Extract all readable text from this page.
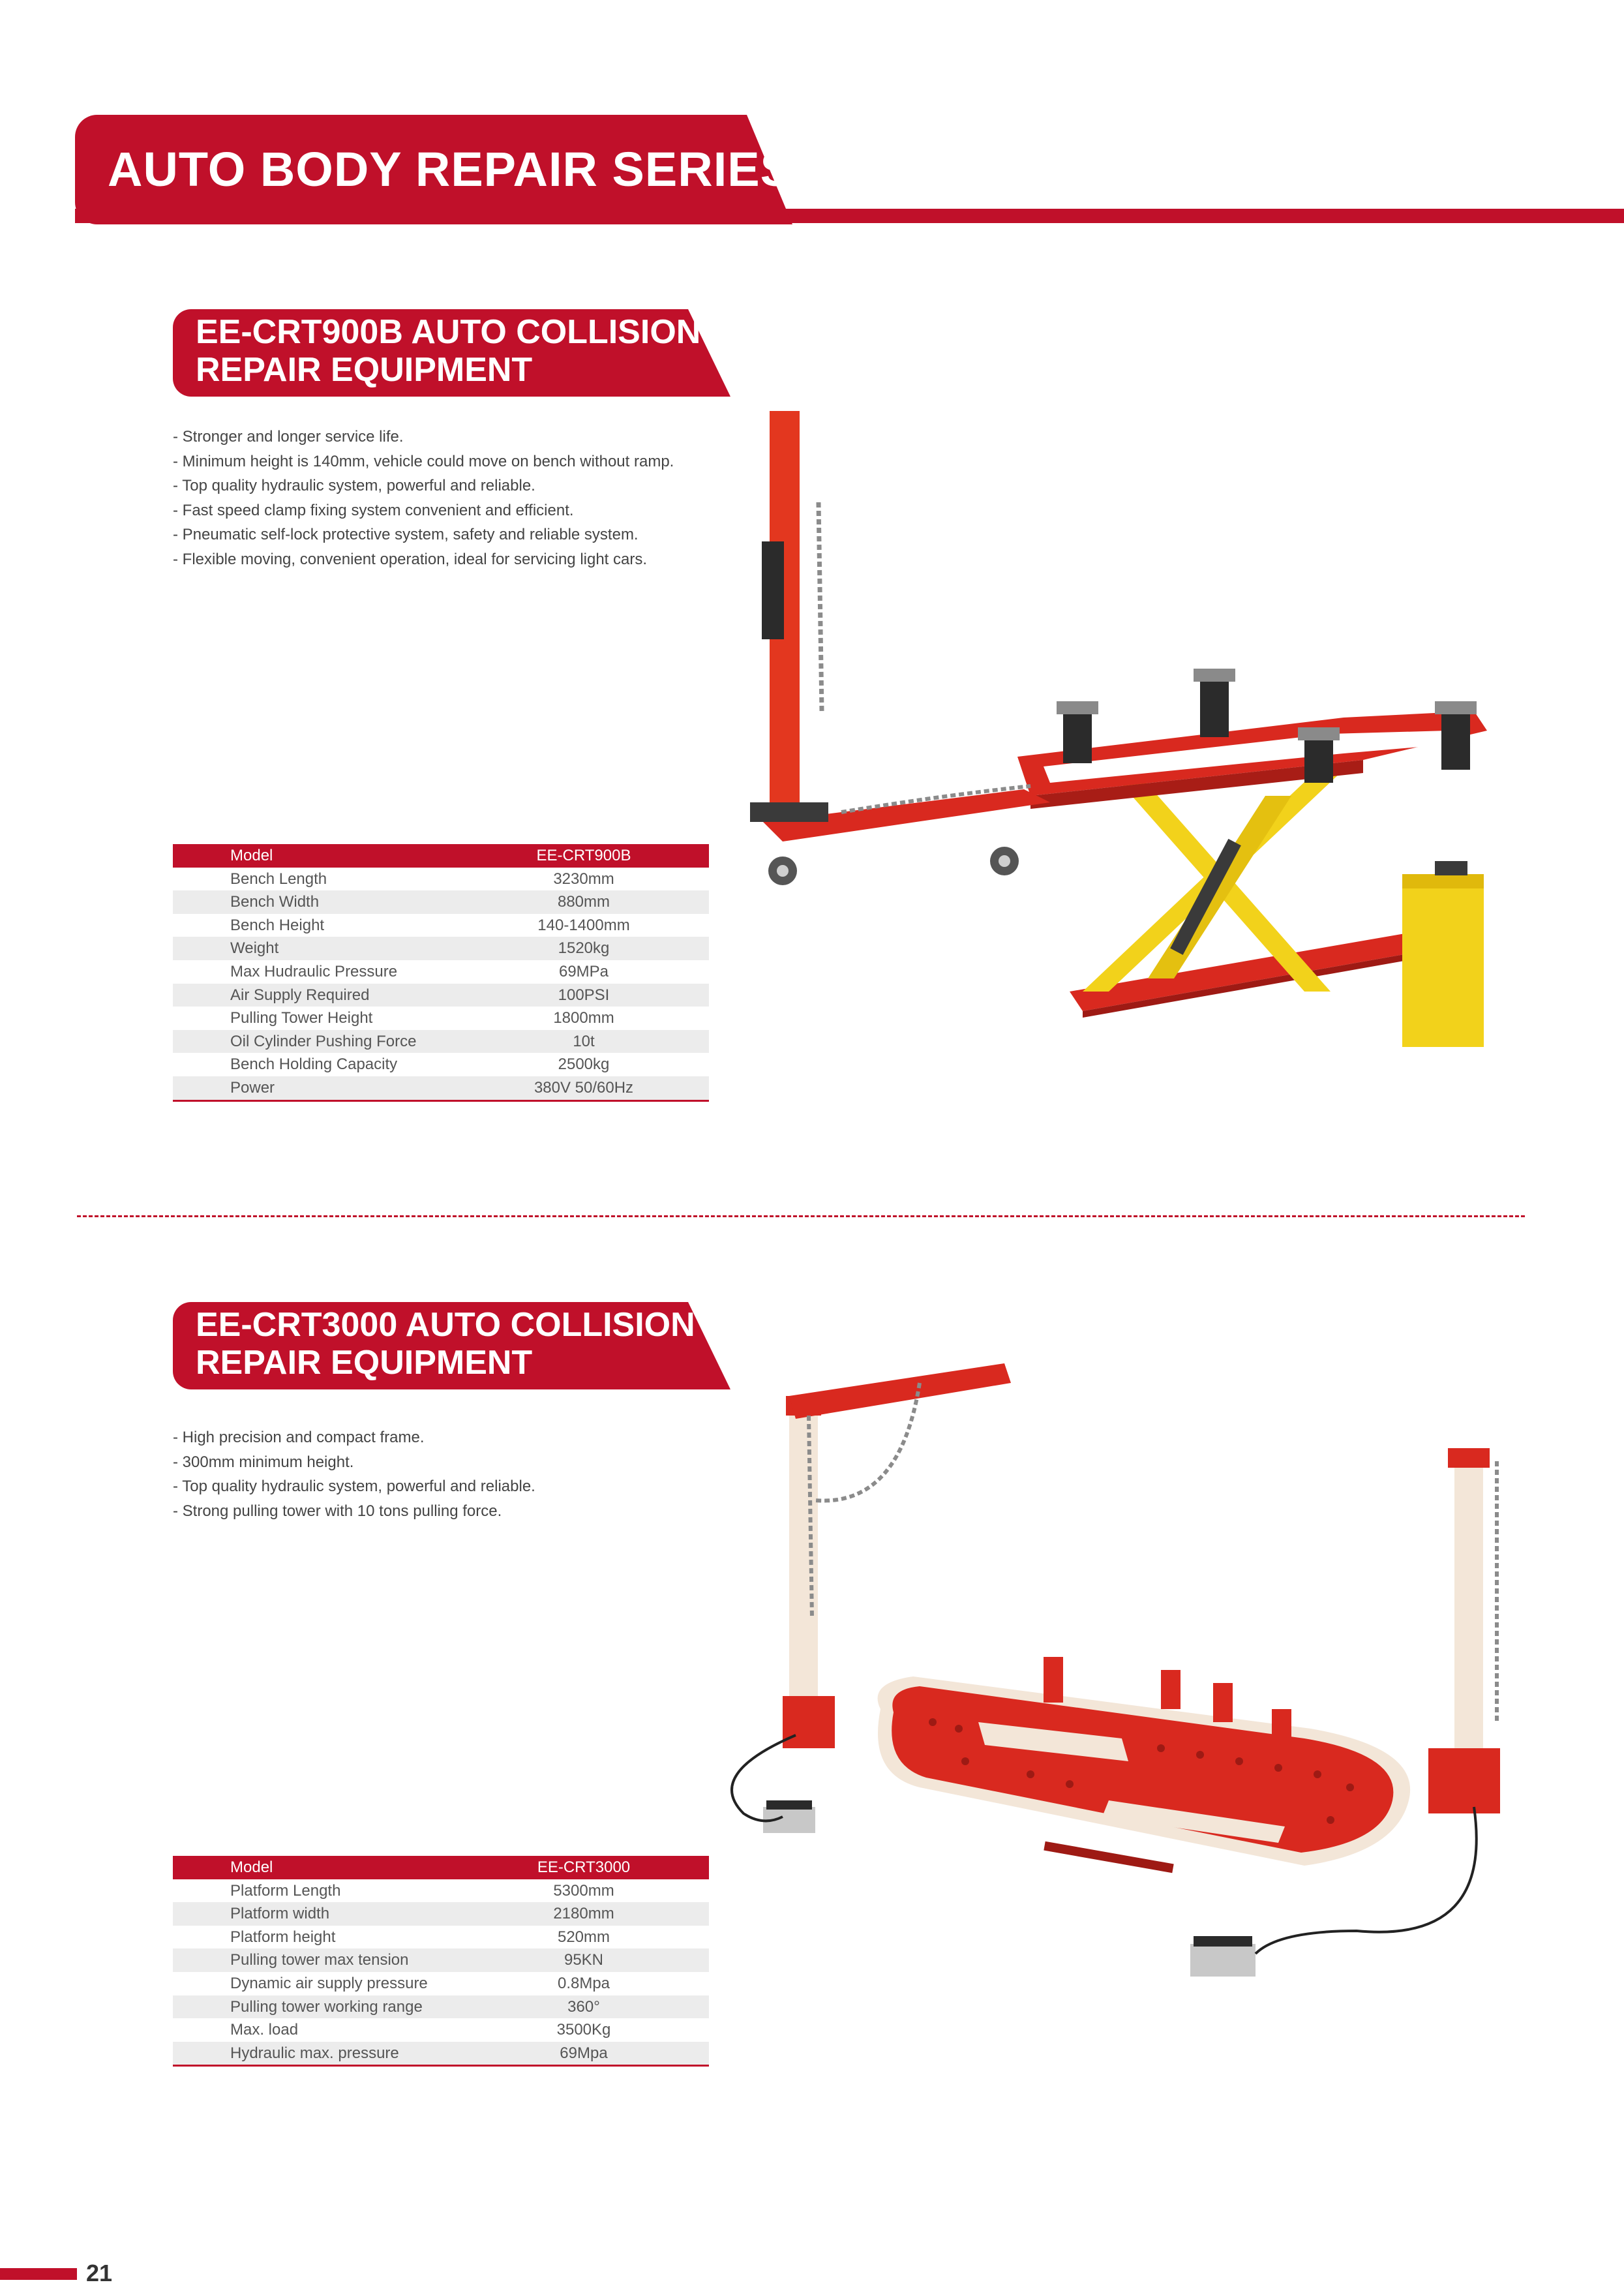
AUTO BODY REPAIR SERIES
EE-CRT900B AUTO COLLISION
REPAIR EQUIPMENT
- Stronger and longer service life.
- Minimum height is 140mm, vehicle could move on bench without ramp.
- Top quality hydraulic system, powerful and reliable.
- Fast speed clamp fixing system convenient and efficient.
- Pneumatic self-lock protective system, safety and reliable system.
- Flexible moving, convenient operation, ideal for servicing light cars.
Model	EE-CRT900B
Bench Length	3230mm
Bench Width	880mm
Bench Height	140-1400mm
Weight	1520kg
Max Hudraulic Pressure	69MPa
Air Supply Required	100PSI
Pulling Tower Height	1800mm
Oil Cylinder Pushing Force	10t
Bench Holding Capacity	2500kg
Power	380V 50/60Hz
EE-CRT3000 AUTO COLLISION
REPAIR EQUIPMENT
- High precision and compact frame.
- 300mm minimum height.
- Top quality hydraulic system, powerful and reliable.
- Strong pulling tower with 10 tons pulling force.
Model	EE-CRT3000
Platform Length	5300mm
Platform width	2180mm
Platform height	520mm
Pulling tower max tension	95KN
Dynamic air supply pressure	0.8Mpa
Pulling tower working range	360°
Max. load	3500Kg
Hydraulic max. pressure	69Mpa
21
